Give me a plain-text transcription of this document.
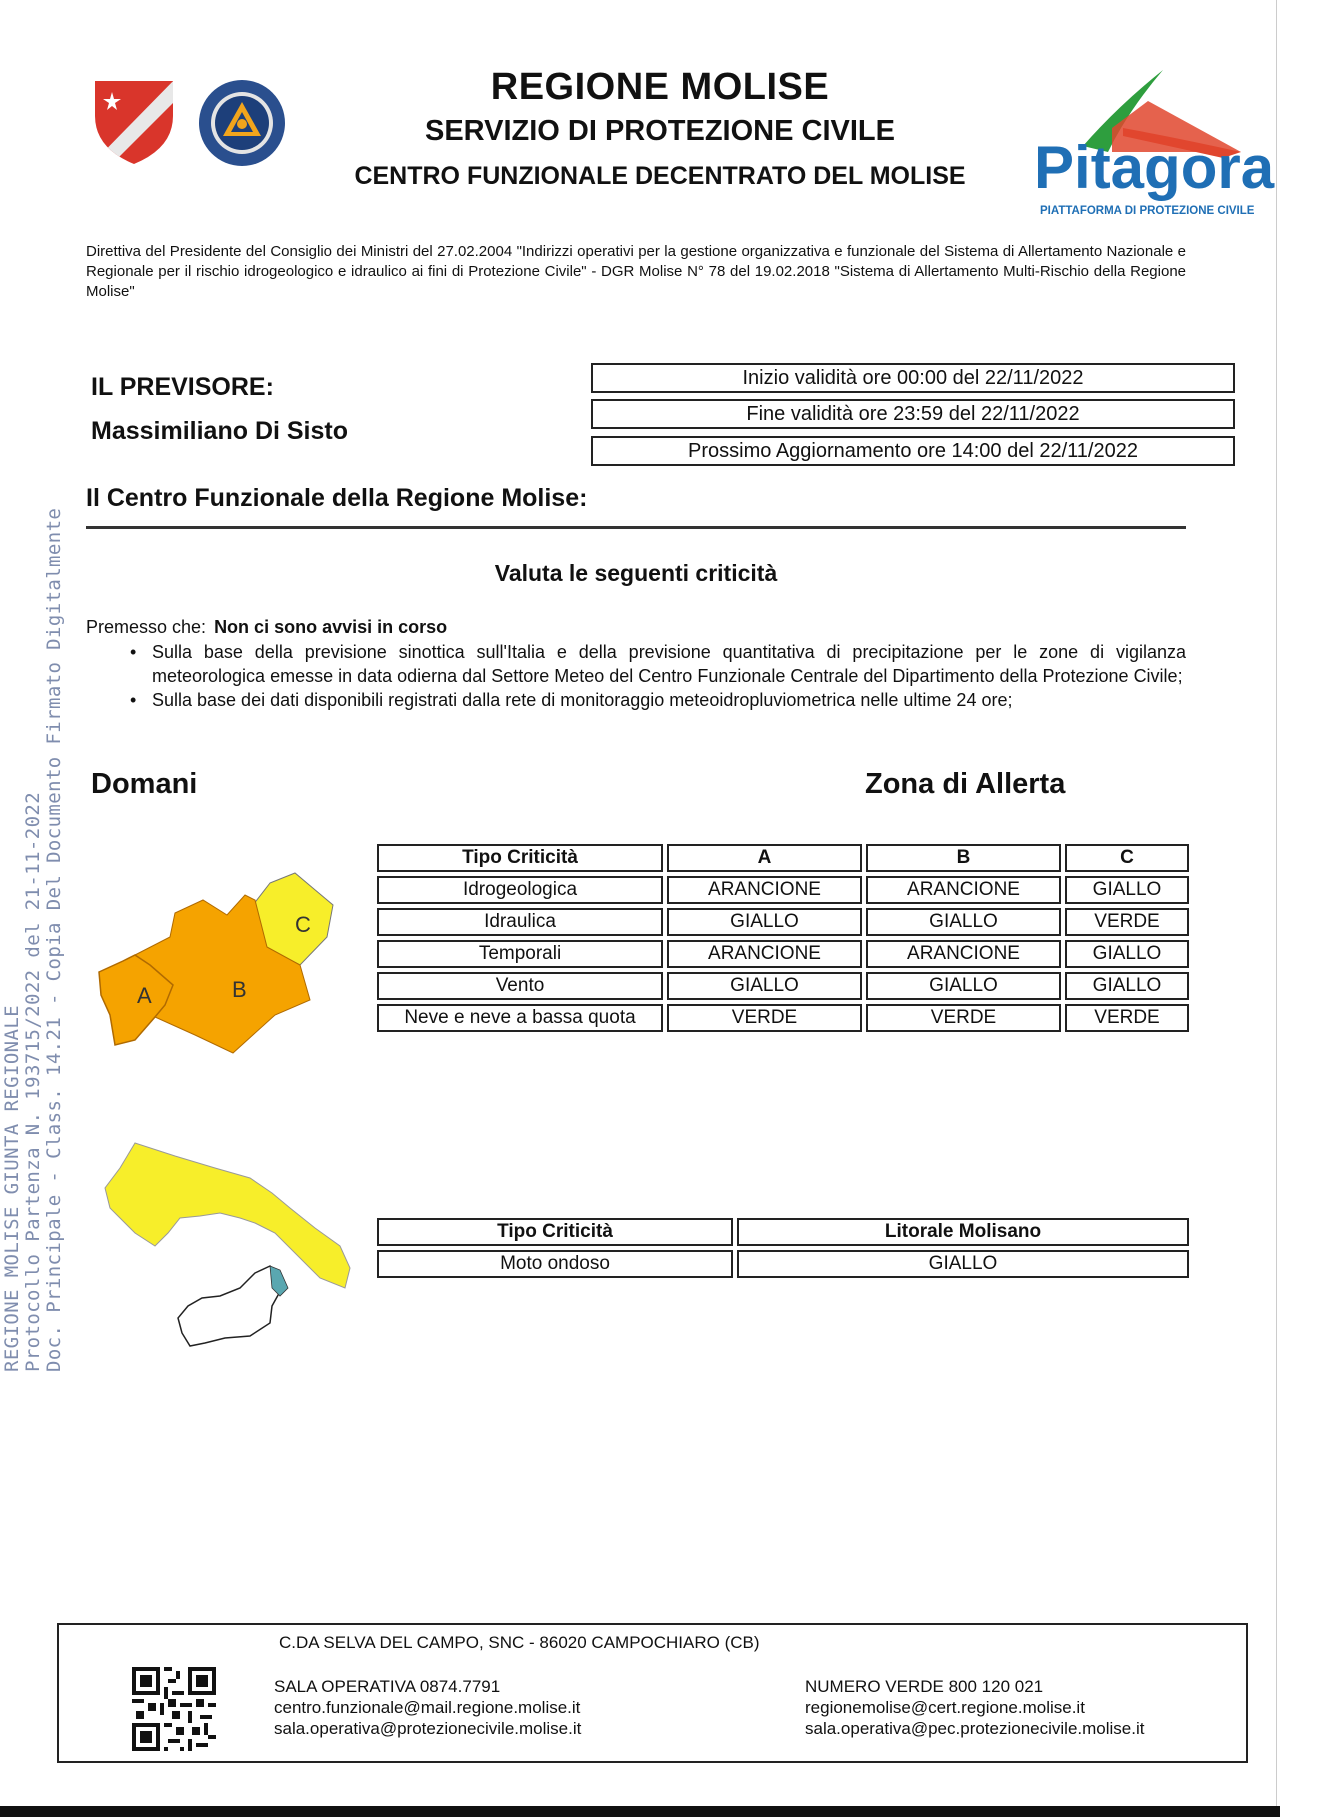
REGIONE MOLISE
SERVIZIO DI PROTEZIONE CIVILE
CENTRO FUNZIONALE DECENTRATO DEL MOLISE	Pitagora
PIATTAFORMA DI PROTEZIONE CIVILE
Direttiva del Presidente del Consiglio dei Ministri del 27.02.2004 "Indirizzi operativi per la gestione organizzativa e funzionale del Sistema di Allertamento Nazionale e Regionale per il rischio idrogeologico e idraulico ai fini di Protezione Civile" - DGR Molise N° 78 del 19.02.2018 "Sistema di Allertamento Multi-Rischio della Regione Molise"
IL PREVISORE:
Massimiliano Di Sisto
Inizio validità ore 00:00 del 22/11/2022
Fine validità ore 23:59 del 22/11/2022
Prossimo Aggiornamento ore 14:00 del 22/11/2022
Il Centro Funzionale della Regione Molise:
Valuta le seguenti criticità
Premesso che: Non ci sono avvisi in corso
• Sulla base della previsione sinottica sull'Italia e della previsione quantitativa di precipitazione per le zone di vigilanza meteorologica emesse in data odierna dal Settore Meteo del Centro Funzionale Centrale del Dipartimento della Protezione Civile;
• Sulla base dei dati disponibili registrati dalla rete di monitoraggio meteoidropluviometrica nelle ultime 24 ore;
Domani	Zona di Allerta
A	B
C
Tipo Criticità	A	B	C
Idrogeologica	ARANCIONE	ARANCIONE	GIALLO
Idraulica	GIALLO	GIALLO	VERDE
Temporali	ARANCIONE	ARANCIONE	GIALLO
Vento	GIALLO	GIALLO	GIALLO
Neve e neve a bassa quota	VERDE	VERDE	VERDE
Tipo Criticità	Litorale Molisano
Moto ondoso	GIALLO
REGIONE MOLISE GIUNTA REGIONALE Protocollo Partenza N. 193715/2022 del 21-11-2022 Doc. Principale - Class. 14.21 - Copia Del Documento Firmato Digitalmente
C.DA SELVA DEL CAMPO, SNC - 86020 CAMPOCHIARO (CB)
SALA OPERATIVA 0874.7791
centro.funzionale@mail.regione.molise.it
sala.operativa@protezionecivile.molise.it
NUMERO VERDE 800 120 021
regionemolise@cert.regione.molise.it
sala.operativa@pec.protezionecivile.molise.it
